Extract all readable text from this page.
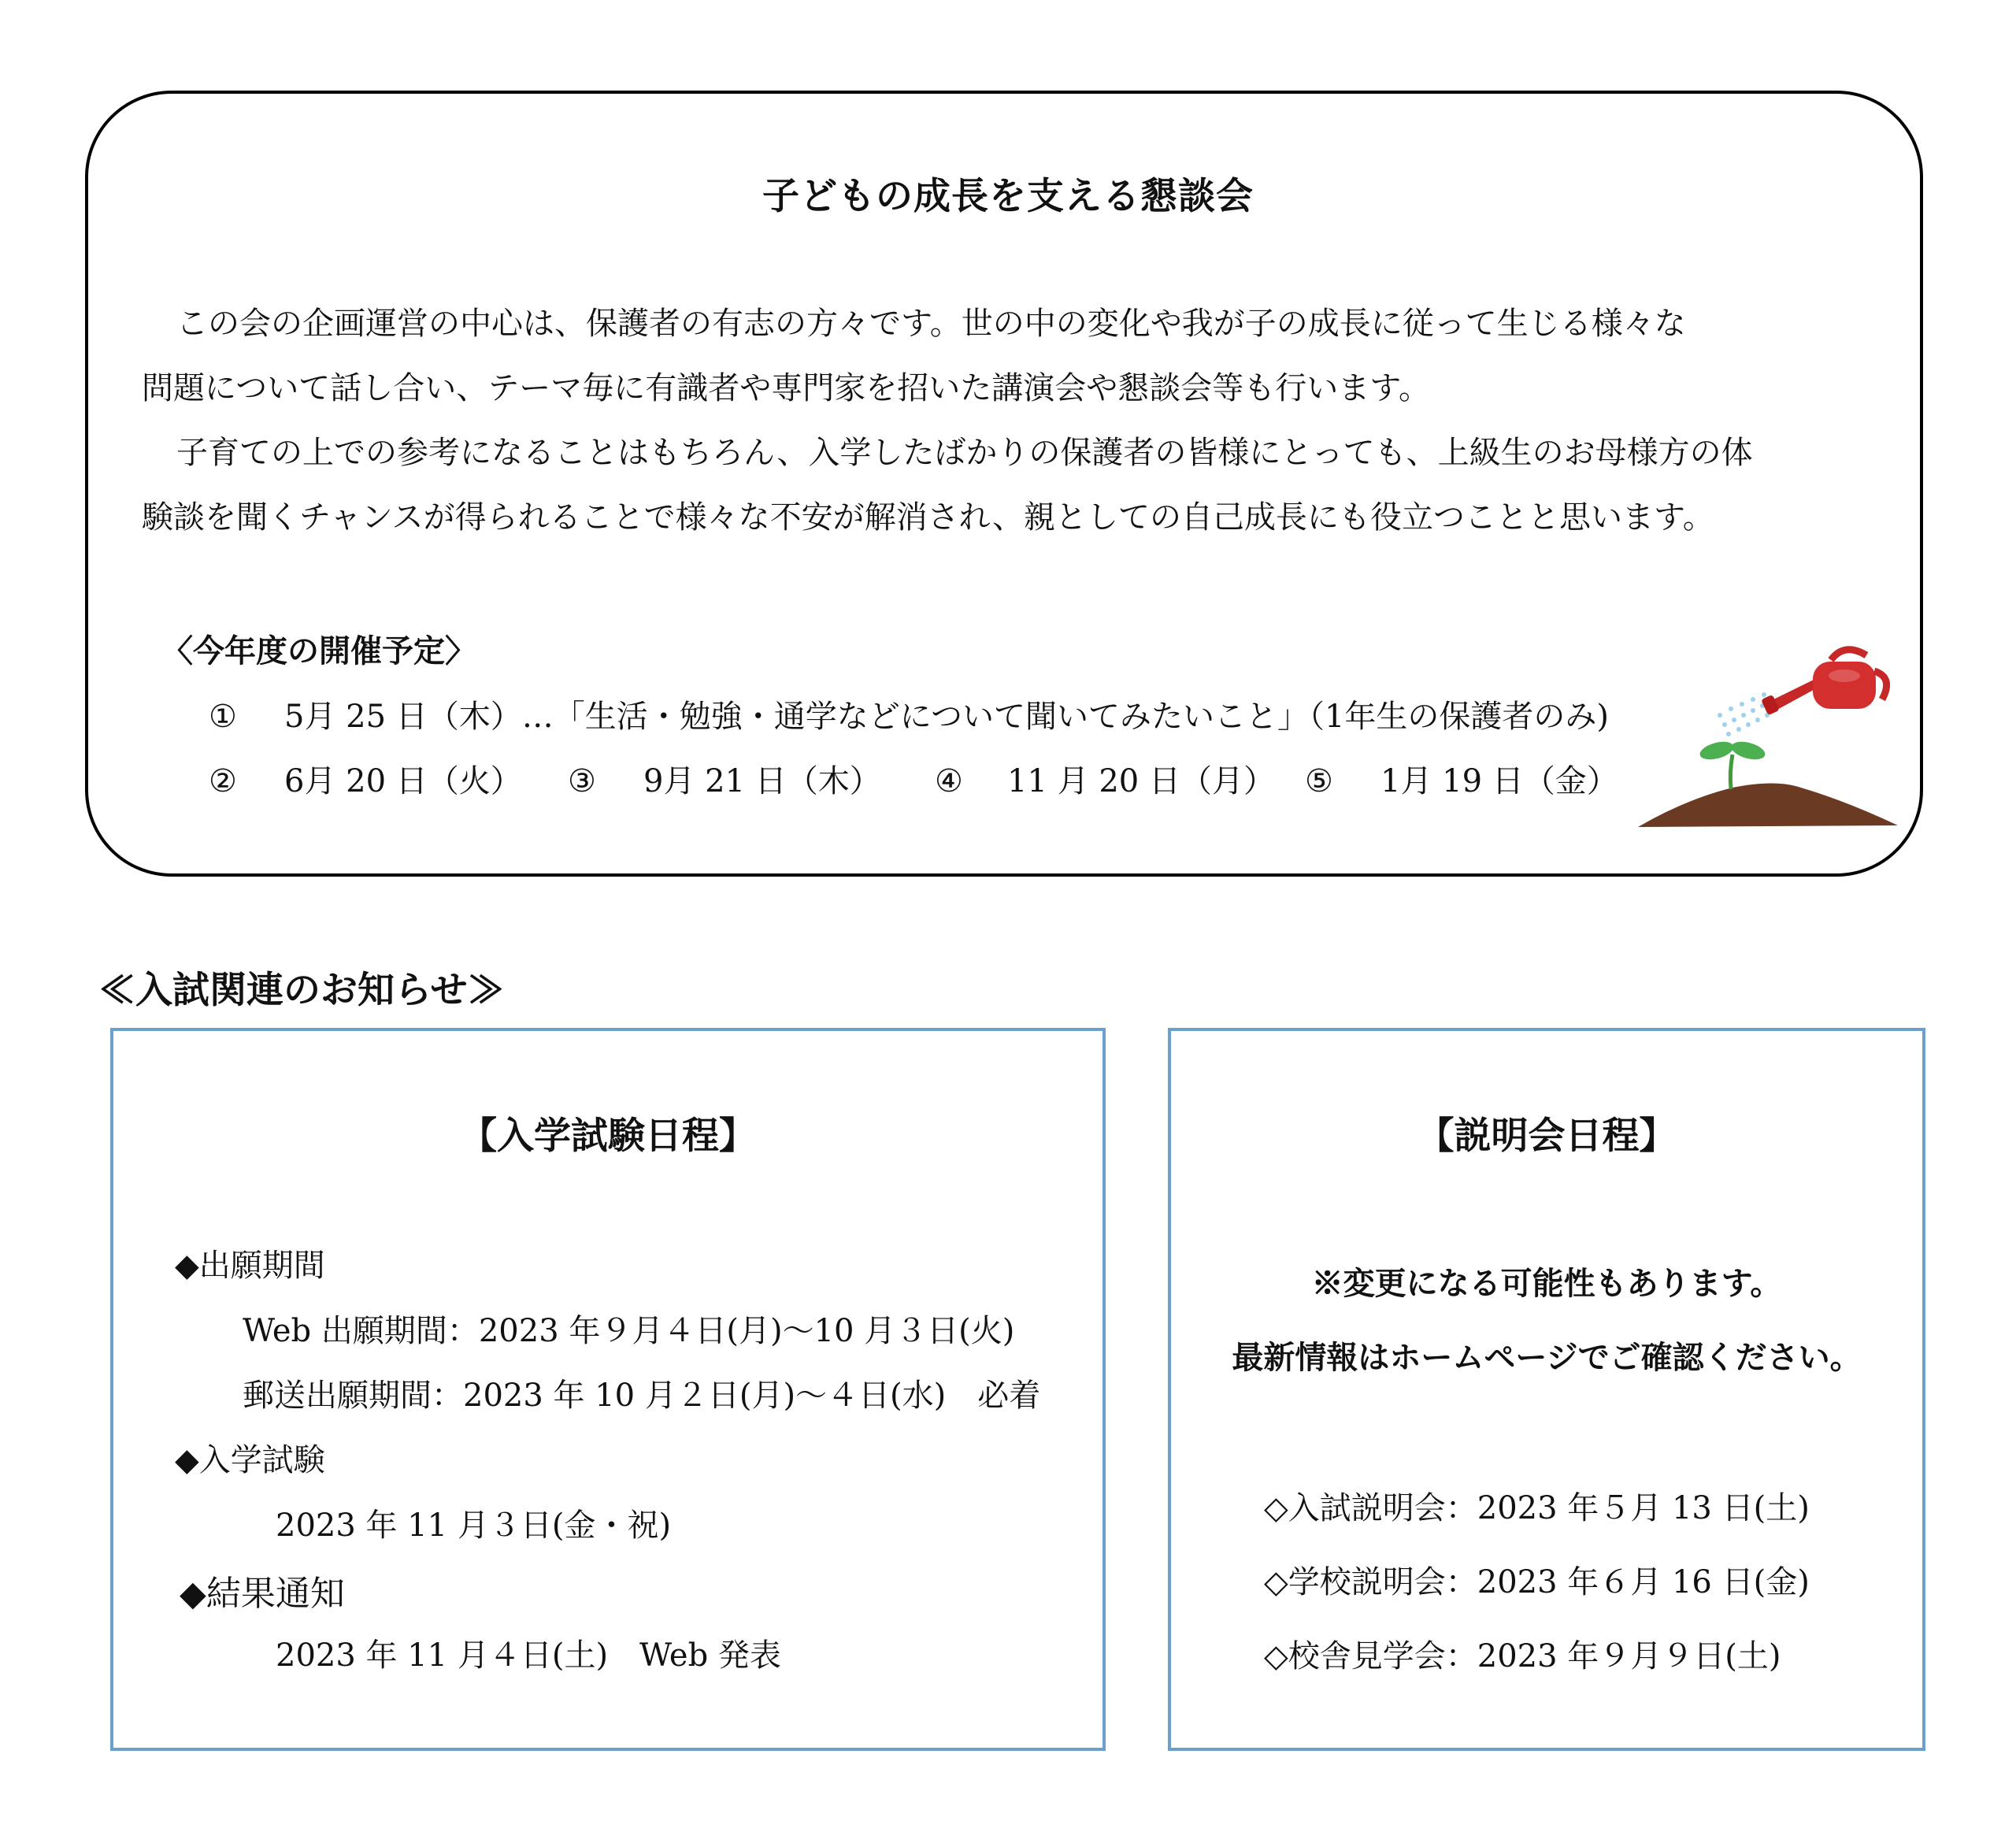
子どもの成長を支える懇談会
この会の企画運営の中心は、保護者の有志の方々です。世の中の変化や我が子の成長に従って生じる様々な
問題について話し合い、テーマ毎に有識者や専門家を招いた講演会や懇談会等も行います。
子育ての上での参考になることはもちろん、入学したばかりの保護者の皆様にとっても、上級生のお母様方の体
験談を聞くチャンスが得られることで様々な不安が解消され、親としての自己成長にも役立つことと思います。
〈今年度の開催予定〉
① 5月 25 日（木）…「生活・勉強・通学などについて聞いてみたいこと」（1年生の保護者のみ)
② 6月 20 日（火） ③ 9月 21 日（木） ④ 11 月 20 日（月） ⑤ 1月 19 日（金）
≪入試関連のお知らせ≫
【入学試験日程】
◆出願期間
Web 出願期間：2023 年９月４日(月)～10 月３日(火)
郵送出願期間：2023 年 10 月２日(月)～４日(水)　必着
◆入学試験
2023 年 11 月３日(金・祝)
◆結果通知
2023 年 11 月４日(土)　Web 発表
【説明会日程】
※変更になる可能性もあります。
最新情報はホームページでご確認ください。
◇入試説明会：2023 年５月 13 日(土)
◇学校説明会：2023 年６月 16 日(金)
◇校舎見学会：2023 年９月９日(土)
